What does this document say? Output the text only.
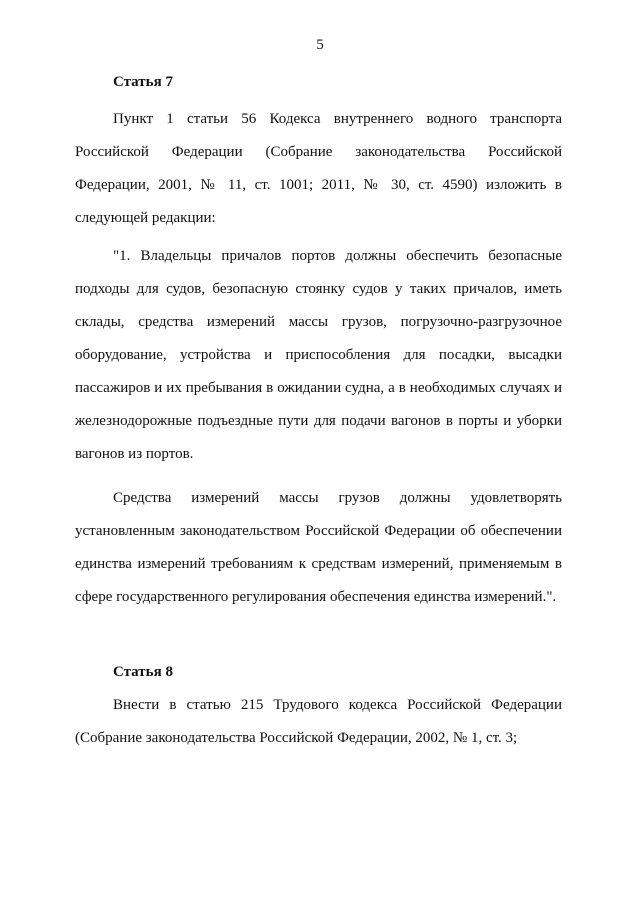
5
Статья 7

Пункт 1 статьи 56 Кодекса внутреннего водного транспорта Российской Федерации (Собрание законодательства Российской Федерации, 2001, № 11, ст. 1001; 2011, № 30, ст. 4590) изложить в следующей редакции:

"1. Владельцы причалов портов должны обеспечить безопасные подходы для судов, безопасную стоянку судов у таких причалов, иметь склады, средства измерений массы грузов, погрузочно-разгрузочное оборудование, устройства и приспособления для посадки, высадки пассажиров и их пребывания в ожидании судна, а в необходимых случаях и железнодорожные подъездные пути для подачи вагонов в порты и уборки вагонов из портов.

Средства измерений массы грузов должны удовлетворять установленным законодательством Российской Федерации об обеспечении единства измерений требованиям к средствам измерений, применяемым в сфере государственного регулирования обеспечения единства измерений.".

Статья 8

Внести в статью 215 Трудового кодекса Российской Федерации (Собрание законодательства Российской Федерации, 2002, № 1, ст. 3;
